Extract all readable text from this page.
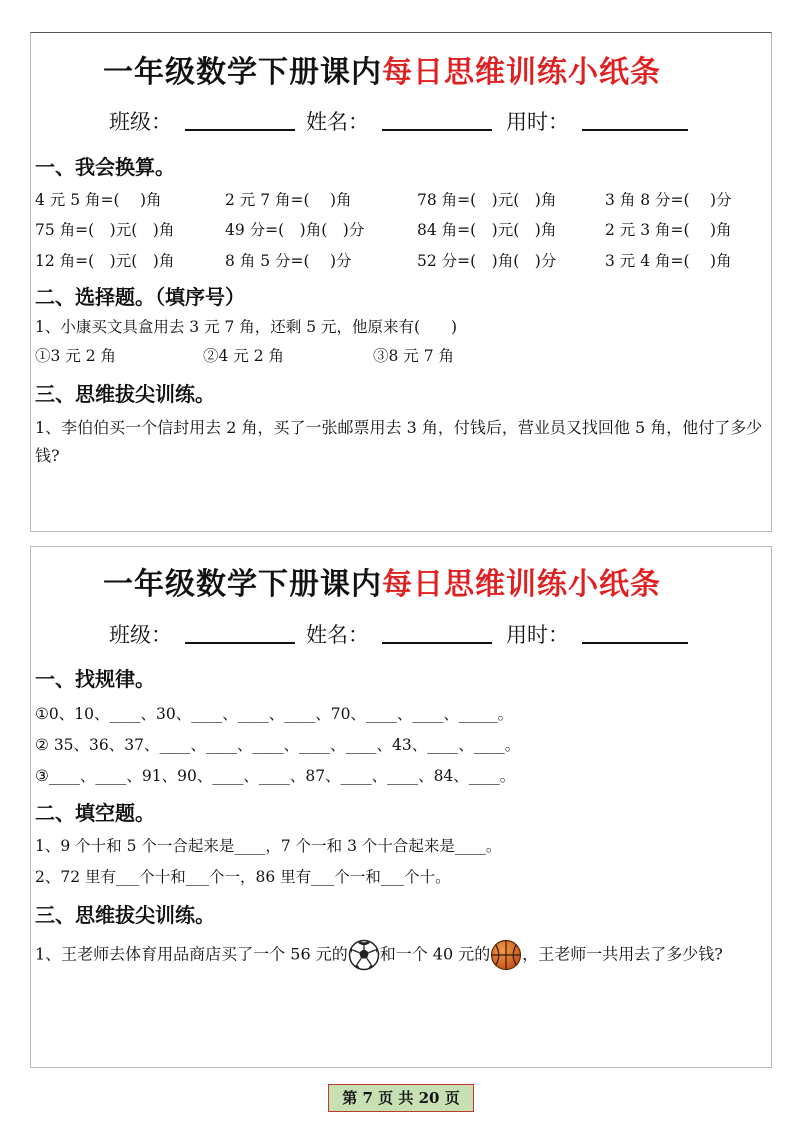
一年级数学下册课内每日思维训练小纸条
班级：	姓名：	用时：
一、我会换算。
4 元 5 角=(　 )角	2 元 7 角=(　 )角	78 角=(　)元(　)角	3 角 8 分=(　 )分
75 角=(　)元(　)角	49 分=(　)角(　)分	84 角=(　)元(　)角	2 元 3 角=(　 )角
12 角=(　)元(　)角	8 角 5 分=(　 )分	52 分=(　)角(　)分	3 元 4 角=(　 )角
二、选择题。（填序号）
1、小康买文具盒用去 3 元 7 角，还剩 5 元，他原来有(　　)
①3 元 2 角	②4 元 2 角	③8 元 7 角
三、思维拔尖训练。
1、李伯伯买一个信封用去 2 角，买了一张邮票用去 3 角，付钱后，营业员又找回他 5 角，他付了多少钱?
一年级数学下册课内每日思维训练小纸条
班级：	姓名：	用时：
一、找规律。
①0、10、____、30、____、____、____、70、____、____、_____。
② 35、36、37、____、____、____、____、____、43、____、____。
③____、____、91、90、____、____、87、____、____、84、____。
二、填空题。
1、9 个十和 5 个一合起来是____，7 个一和 3 个十合起来是____。
2、72 里有___个十和___个一，86 里有___个一和___个十。
三、思维拔尖训练。
1、王老师去体育用品商店买了一个 56 元的 和一个 40 元的 ，王老师一共用去了多少钱?
第 7 页 共 20 页
